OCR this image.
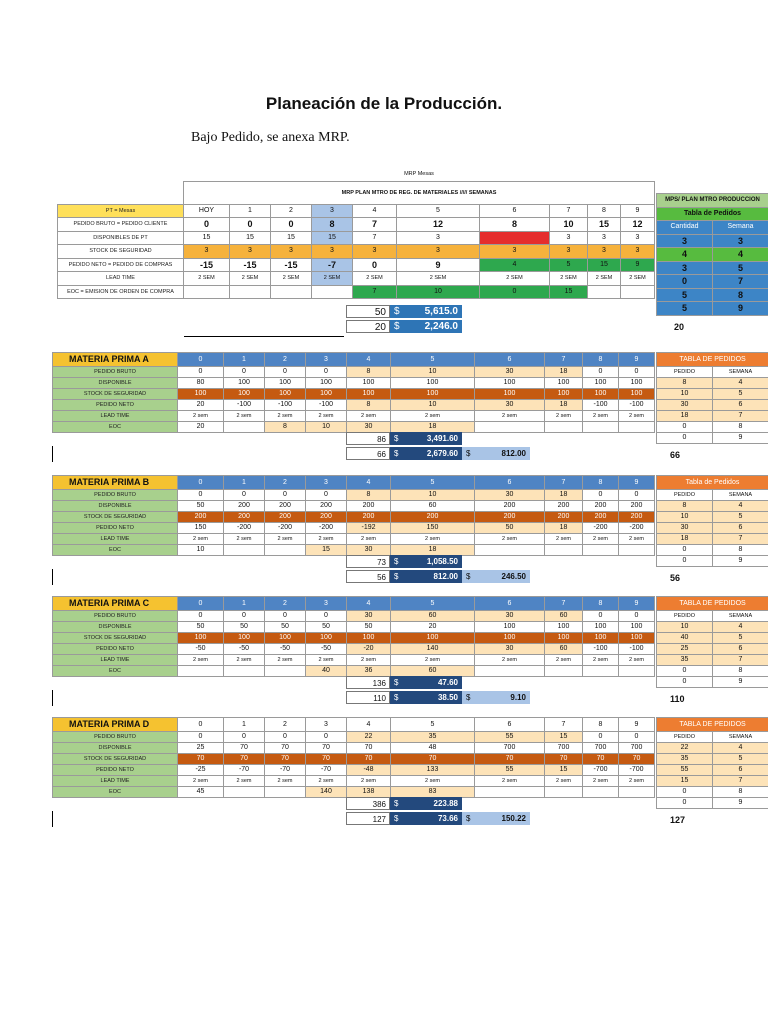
Planeación de la Producción.
Bajo Pedido, se anexa MRP.
	MRP Mesas									
	MRP PLAN MTRO DE REG. DE MATERIALES ///// SEMANAS									
PT = Mesas	HOY	1	2	3	4	5	6	7	8	9
PEDIDO BRUTO = PEDIDO CLIENTE	0	0	0	8	7	12	8	10	15	12
DISPONIBLES DE PT	15	15	15	15	7	3		3	3	3
STOCK DE SEGURIDAD	3	3	3	3	3	3	3	3	3	3
PEDIDO NETO = PEDIDO DE COMPRAS	-15	-15	-15	-7	0	9	4	5	15	9
LEAD TIME	2 SEM	2 SEM	2 SEM	2 SEM	2 SEM	2 SEM	2 SEM	2 SEM	2 SEM	2 SEM
EOC = EMISION DE ORDEN DE COMPRA					7	10	0	15		
50 $	5,615.0
20 $	2,246.0
MPS/ PLAN MTRO PRODUCCION	
Tabla de Pedidos	
Cantidad	Semana
3	3
4	4
3	5
0	7
5	8
5	9
20
MATERIA PRIMA A	0	1	2	3	4	5	6	7	8	9
PEDIDO BRUTO	0	0	0	0	8	10	30	18	0	0
DISPONIBLE	80	100	100	100	100	100	100	100	100	100
STOCK DE SEGURIDAD	100	100	100	100	100	100	100	100	100	100
PEDIDO NETO	20	-100	-100	-100	8	10	30	18	-100	-100
LEAD TIME	2 sem	2 sem	2 sem	2 sem	2 sem	2 sem	2 sem	2 sem	2 sem	2 sem
EOC	20		8	10	30	18				
TABLA DE PEDIDOS	
PEDIDO	SEMANA
8	4
10	5
30	6
18	7
0	8
0	9
86 $	3,491.60
66 $	2,679.60 $	812.00	66
MATERIA PRIMA B	0	1	2	3	4	5	6	7	8	9
PEDIDO BRUTO	0	0	0	0	8	10	30	18	0	0
DISPONIBLE	50	200	200	200	200	60	200	200	200	200
STOCK DE SEGURIDAD	200	200	200	200	200	200	200	200	200	200
PEDIDO NETO	150	-200	-200	-200	-192	150	50	18	-200	-200
LEAD TIME	2 sem	2 sem	2 sem	2 sem	2 sem	2 sem	2 sem	2 sem	2 sem	2 sem
EOC	10			15	30	18				
Tabla de Pedidos	
PEDIDO	SEMANA
8	4
10	5
30	6
18	7
0	8
0	9
73 $	1,058.50
56 $	812.00 $	246.50	56
MATERIA PRIMA C	0	1	2	3	4	5	6	7	8	9
PEDIDO BRUTO	0	0	0	0	30	60	30	60	0	0
DISPONIBLE	50	50	50	50	50	20	100	100	100	100
STOCK DE SEGURIDAD	100	100	100	100	100	100	100	100	100	100
PEDIDO NETO	-50	-50	-50	-50	-20	140	30	60	-100	-100
LEAD TIME	2 sem	2 sem	2 sem	2 sem	2 sem	2 sem	2 sem	2 sem	2 sem	2 sem
EOC				40	36	60				
TABLA DE PEDIDOS	
PEDIDO	SEMANA
10	4
40	5
25	6
35	7
0	8
0	9
136 $	47.60
110 $	38.50 $	9.10	110
MATERIA PRIMA D	0	1	2	3	4	5	6	7	8	9
PEDIDO BRUTO	0	0	0	0	22	35	55	15	0	0
DISPONIBLE	25	70	70	70	70	48	700	700	700	700
STOCK DE SEGURIDAD	70	70	70	70	70	70	70	70	70	70
PEDIDO NETO	-25	-70	-70	-70	-48	133	55	15	-700	-700
LEAD TIME	2 sem	2 sem	2 sem	2 sem	2 sem	2 sem	2 sem	2 sem	2 sem	2 sem
EOC	45			140	138	83				
TABLA DE PEDIDOS	
PEDIDO	SEMANA
22	4
35	5
55	6
15	7
0	8
0	9
386 $	223.88
127 $	73.66 $	150.22	127
